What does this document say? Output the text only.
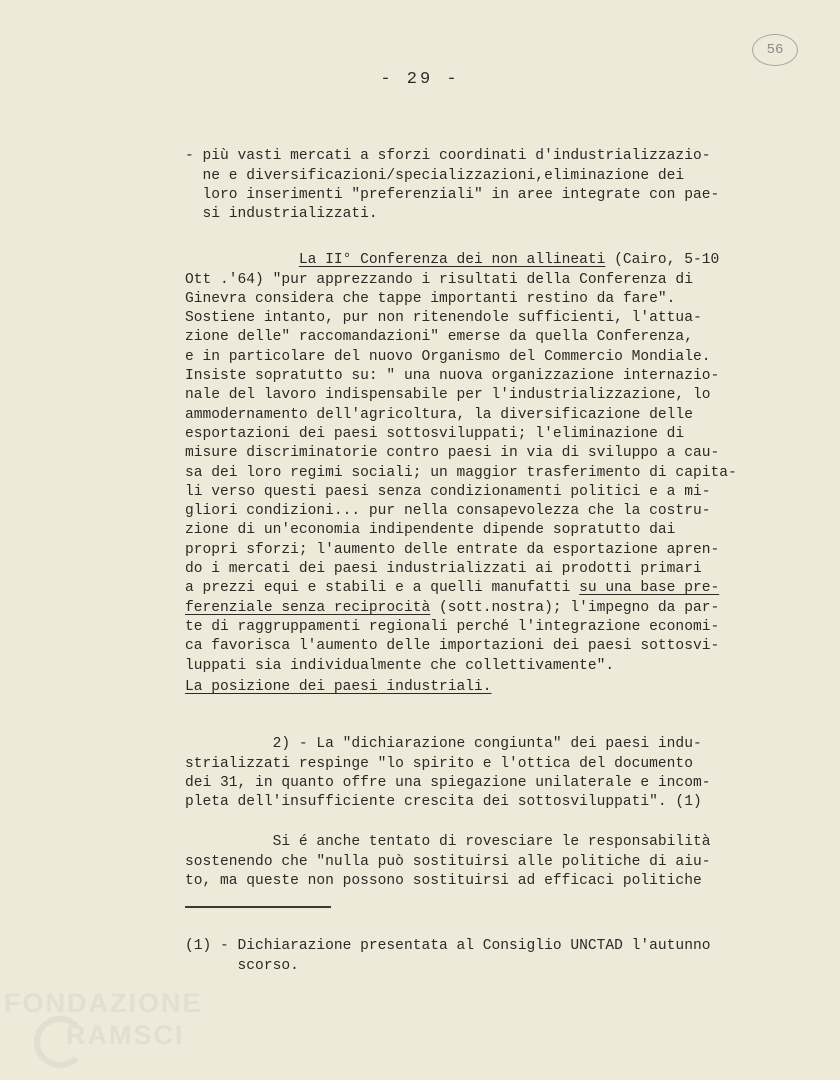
56
- 29 -

- più vasti mercati a sforzi coordinati d'industrializzazio-
ne e diversificazioni/specializzazioni,eliminazione dei
loro inserimenti "preferenziali" in aree integrate con pae-
si industrializzati.

La II° Conferenza dei non allineati (Cairo, 5-10
Ott .'64) "pur apprezzando i risultati della Conferenza di
Ginevra considera che tappe importanti restino da fare".
Sostiene intanto, pur non ritenendole sufficienti, l'attua-
zione delle" raccomandazioni" emerse da quella Conferenza,
e in particolare del nuovo Organismo del Commercio Mondiale.
Insiste sopratutto su: " una nuova organizzazione internazio-
nale del lavoro indispensabile per l'industrializzazione, lo
ammodernamento dell'agricoltura, la diversificazione delle
esportazioni dei paesi sottosviluppati; l'eliminazione di
misure discriminatorie contro paesi in via di sviluppo a cau-
sa dei loro regimi sociali; un maggior trasferimento di capita-
li verso questi paesi senza condizionamenti politici e a mi-
gliori condizioni... pur nella consapevolezza che la costru-
zione di un'economia indipendente dipende sopratutto dai
propri sforzi; l'aumento delle entrate da esportazione apren-
do i mercati dei paesi industrializzati ai prodotti primari
a prezzi equi e stabili e a quelli manufatti su una base pre-
ferenziale senza reciprocità (sott.nostra); l'impegno da par-
te di raggruppamenti regionali perché l'integrazione economi-
ca favorisca l'aumento delle importazioni dei paesi sottosvi-
luppati sia individualmente che collettivamente".
La posizione dei paesi industriali.

2) - La "dichiarazione congiunta" dei paesi indu-
strializzati respinge "lo spirito e l'ottica del documento
dei 31, in quanto offre una spiegazione unilaterale e incom-
pleta dell'insufficiente crescita dei sottosviluppati". (1)

Si é anche tentato di rovesciare le responsabilità
sostenendo che "nulla può sostituirsi alle politiche di aiu-
to, ma queste non possono sostituirsi ad efficaci politiche

(1) - Dichiarazione presentata al Consiglio UNCTAD l'autunno
scorso.
FONDAZIONE
RAMSCI
